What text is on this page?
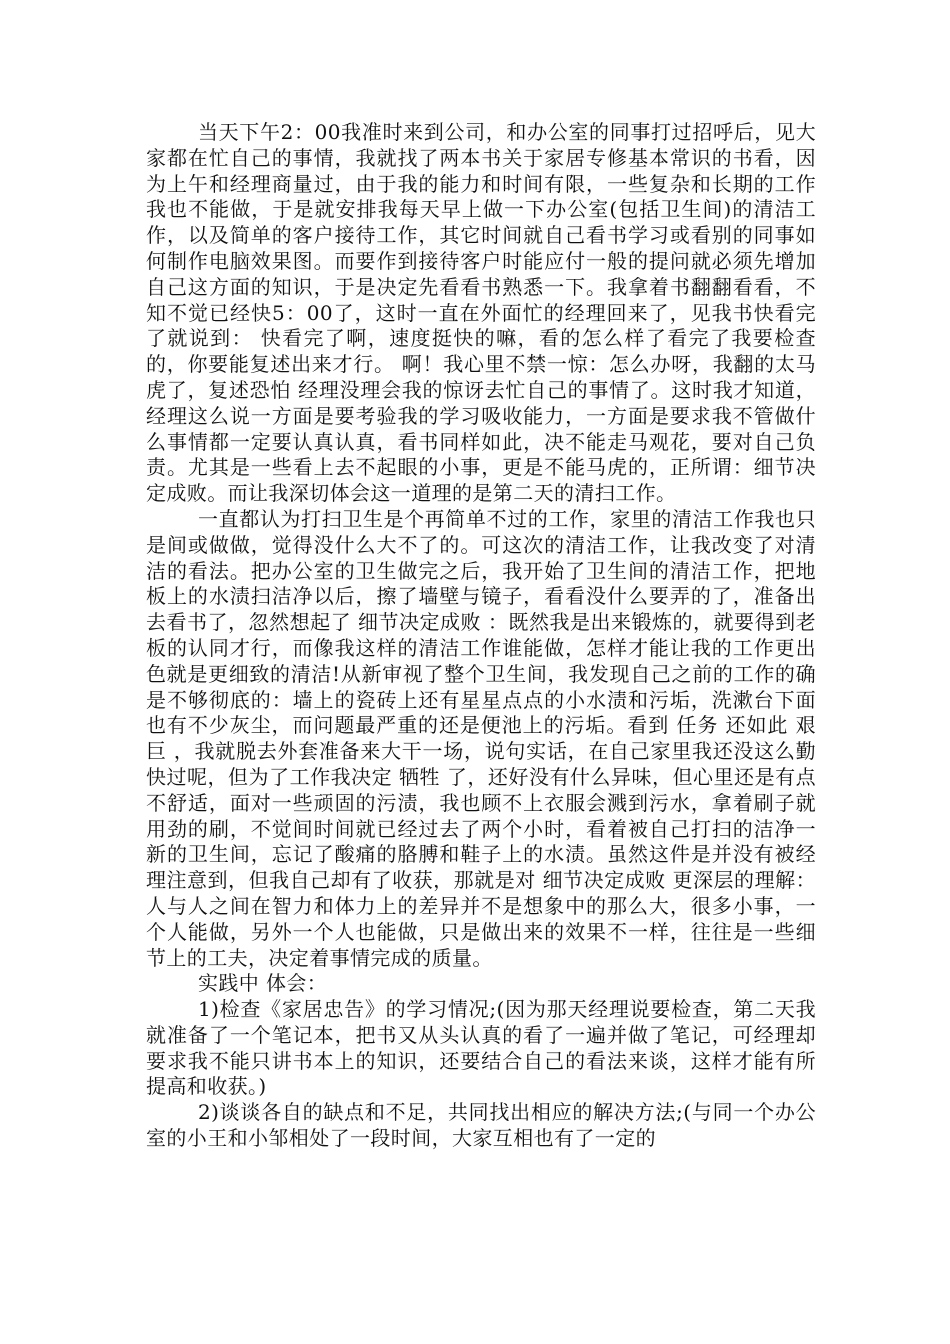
当天下午2：00我准时来到公司，和办公室的同事打过招呼后，见大家都在忙自己的事情，我就找了两本书关于家居专修基本常识的书看，因为上午和经理商量过，由于我的能力和时间有限，一些复杂和长期的工作我也不能做，于是就安排我每天早上做一下办公室(包括卫生间)的清洁工作，以及简单的客户接待工作，其它时间就自己看书学习或看别的同事如何制作电脑效果图。而要作到接待客户时能应付一般的提问就必须先增加自己这方面的知识，于是决定先看看书熟悉一下。我拿着书翻翻看看，不知不觉已经快5：00了，这时一直在外面忙的经理回来了，见我书快看完了就说到： 快看完了啊，速度挺快的嘛，看的怎么样了看完了我要检查的，你要能复述出来才行。 啊！我心里不禁一惊：怎么办呀，我翻的太马虎了，复述恐怕 经理没理会我的惊讶去忙自己的事情了。这时我才知道，经理这么说一方面是要考验我的学习吸收能力，一方面是要求我不管做什么事情都一定要认真认真，看书同样如此，决不能走马观花，要对自己负责。尤其是一些看上去不起眼的小事，更是不能马虎的，正所谓：细节决定成败。而让我深切体会这一道理的是第二天的清扫工作。

一直都认为打扫卫生是个再简单不过的工作，家里的清洁工作我也只是间或做做，觉得没什么大不了的。可这次的清洁工作，让我改变了对清洁的看法。把办公室的卫生做完之后，我开始了卫生间的清洁工作，把地板上的水渍扫洁净以后，擦了墙壁与镜子，看看没什么要弄的了，准备出去看书了，忽然想起了 细节决定成败 ：既然我是出来锻炼的，就要得到老板的认同才行，而像我这样的清洁工作谁能做，怎样才能让我的工作更出色就是更细致的清洁!从新审视了整个卫生间，我发现自己之前的工作的确是不够彻底的：墙上的瓷砖上还有星星点点的小水渍和污垢，洗漱台下面也有不少灰尘，而问题最严重的还是便池上的污垢。看到 任务 还如此 艰巨 ，我就脱去外套准备来大干一场，说句实话，在自己家里我还没这么勤快过呢，但为了工作我决定 牺牲 了，还好没有什么异味，但心里还是有点不舒适，面对一些顽固的污渍，我也顾不上衣服会溅到污水，拿着刷子就用劲的刷，不觉间时间就已经过去了两个小时，看着被自己打扫的洁净一新的卫生间，忘记了酸痛的胳膊和鞋子上的水渍。虽然这件是并没有被经理注意到，但我自己却有了收获，那就是对 细节决定成败 更深层的理解：人与人之间在智力和体力上的差异并不是想象中的那么大，很多小事，一个人能做，另外一个人也能做，只是做出来的效果不一样，往往是一些细节上的工夫，决定着事情完成的质量。

实践中 体会：

1)检查《家居忠告》的学习情况;(因为那天经理说要检查，第二天我就准备了一个笔记本，把书又从头认真的看了一遍并做了笔记，可经理却要求我不能只讲书本上的知识，还要结合自己的看法来谈，这样才能有所提高和收获。)

2)谈谈各自的缺点和不足，共同找出相应的解决方法;(与同一个办公室的小王和小邹相处了一段时间，大家互相也有了一定的
